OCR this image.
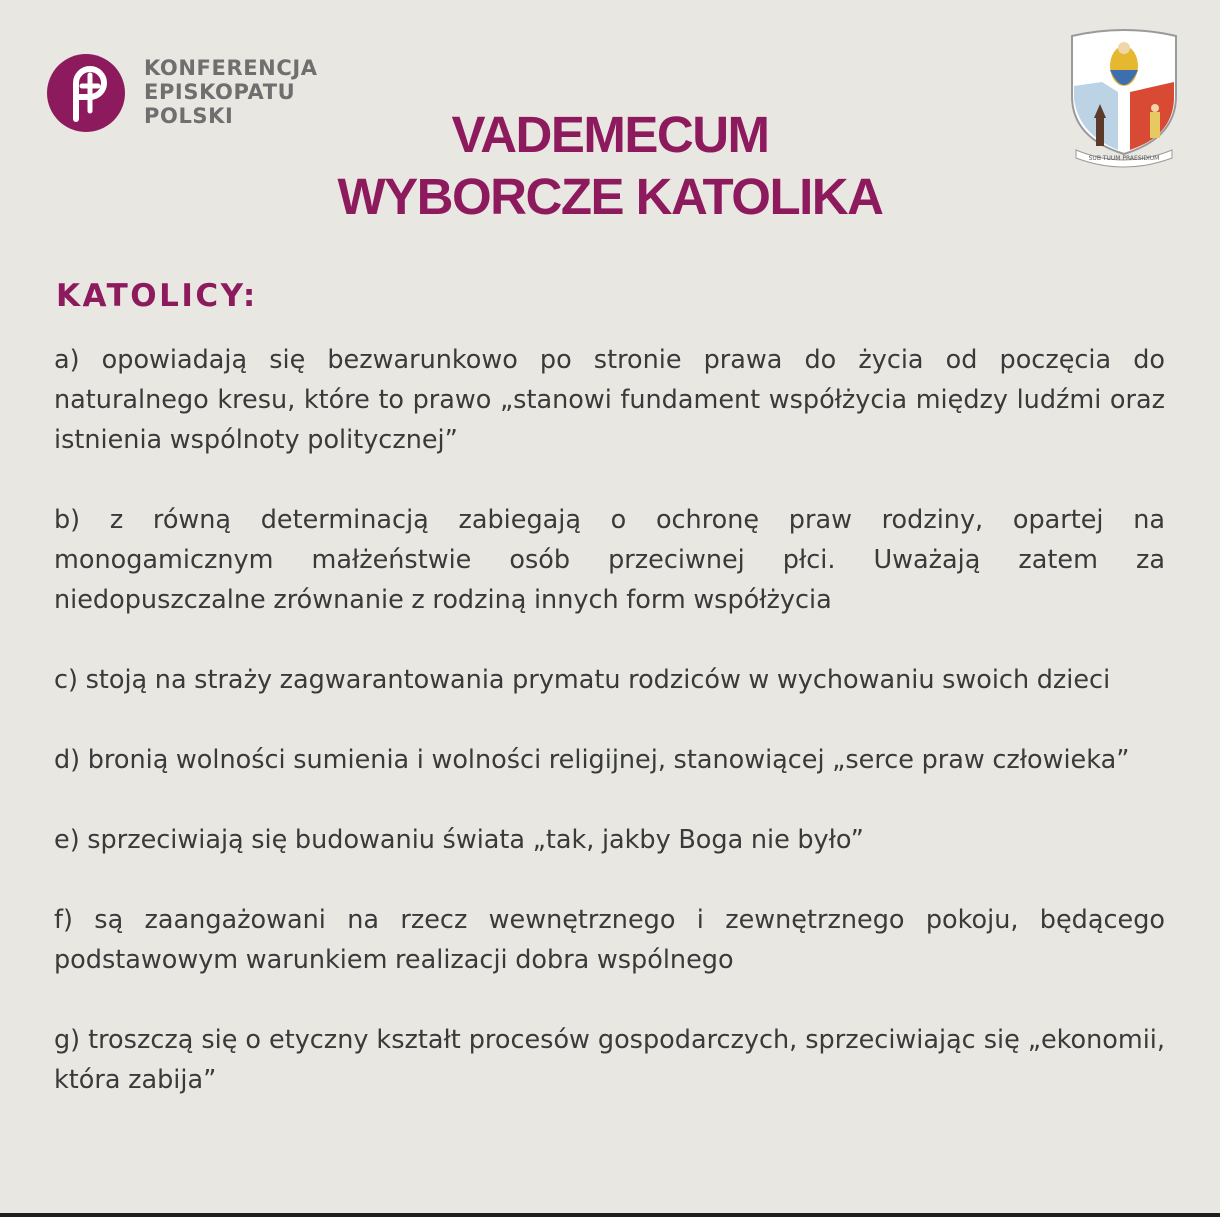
KONFERENCJA
EPISKOPATU
POLSKI
SUB TUUM PRAESIDIUM
VADEMECUM
WYBORCZE KATOLIKA
KATOLICY:

a) opowiadają się bezwarunkowo po stronie prawa do życia od poczęcia do naturalnego kresu, które to prawo „stanowi fundament współżycia między ludźmi oraz istnienia wspólnoty politycznej”

b) z równą determinacją zabiegają o ochronę praw rodziny, opartej na monogamicznym małżeństwie osób przeciwnej płci. Uważają zatem za niedopuszczalne zrównanie z rodziną innych form współżycia

c) stoją na straży zagwarantowania prymatu rodziców w wychowaniu swoich dzieci

d) bronią wolności sumienia i wolności religijnej, stanowiącej „serce praw człowieka”

e) sprzeciwiają się budowaniu świata „tak, jakby Boga nie było”

f) są zaangażowani na rzecz wewnętrznego i zewnętrznego pokoju, będącego podstawowym warunkiem realizacji dobra wspólnego

g) troszczą się o etyczny kształt procesów gospodarczych, sprzeciwiając się „ekonomii, która zabija”
